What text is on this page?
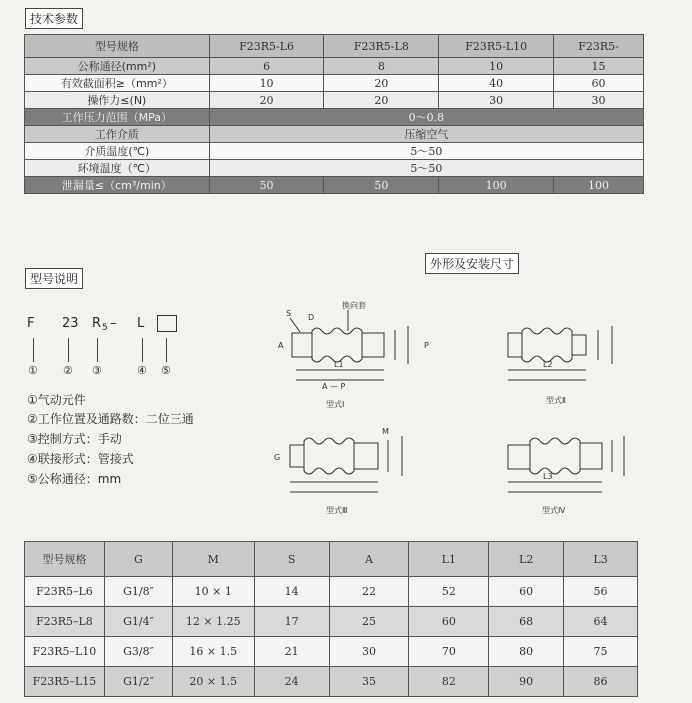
技术参数
型号规格	F23R5-L6	F23R5-L8	F23R5-L10	F23R5-
公称通径(mm²)	6	8	10	15
有效截面积≥（mm²）	10	20	40	60
操作力≤(N)	20	20	30	30
工作压力范围（MPa）	0～0.8			
工作介质	压缩空气			
介质温度(℃)	5～50			
环境温度（℃）	5～50			
泄漏量≤（cm³/min）	50	50	100	100
外形及安装尺寸
型号说明
F 23 R 5 – L
① ② ③	④ ⑤
①气动元件
②工作位置及通路数：二位三通
③控制方式：手动
④联接形式：管接式
⑤公称通径：mm
换向套
型式Ⅰ	型式Ⅱ
型式Ⅲ	型式Ⅳ
S D
A	P
L1	L2
L3
A — P
G
M
型号规格	G	M	S	A	L1	L2	L3
F23R5–L6	G1/8″	10 × 1	14	22	52	60	56
F23R5–L8	G1/4″	12 × 1.25	17	25	60	68	64
F23R5–L10	G3/8″	16 × 1.5	21	30	70	80	75
F23R5–L15	G1/2″	20 × 1.5	24	35	82	90	86
